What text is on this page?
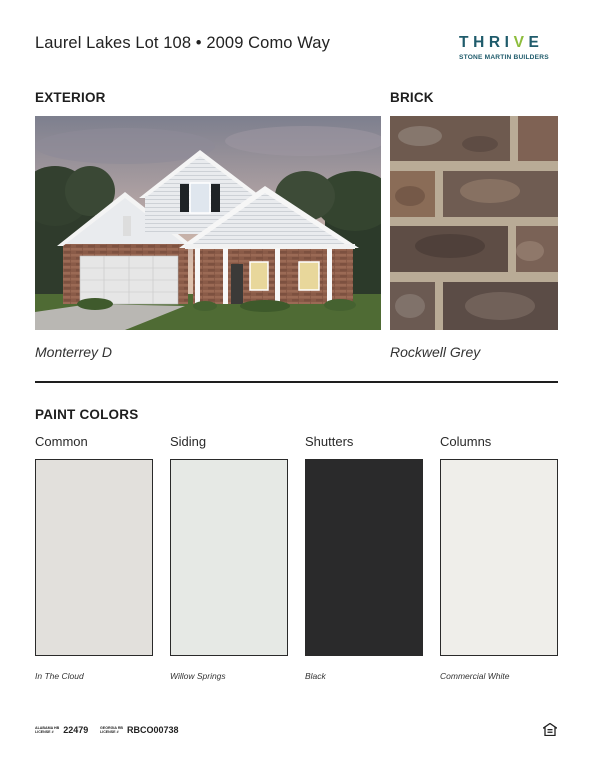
Laurel Lakes Lot 108 • 2009 Como Way	THRIVE
STONE MARTIN BUILDERS
EXTERIOR
Monterrey D
BRICK
Rockwell Grey
PAINT COLORS
Common	Siding	Shutters	Columns
In The Cloud	Willow Springs	Black	Commercial White
ALABAMA HB
LICENSE #	22479	GEORGIA RB
LICENSE # RBCO00738
